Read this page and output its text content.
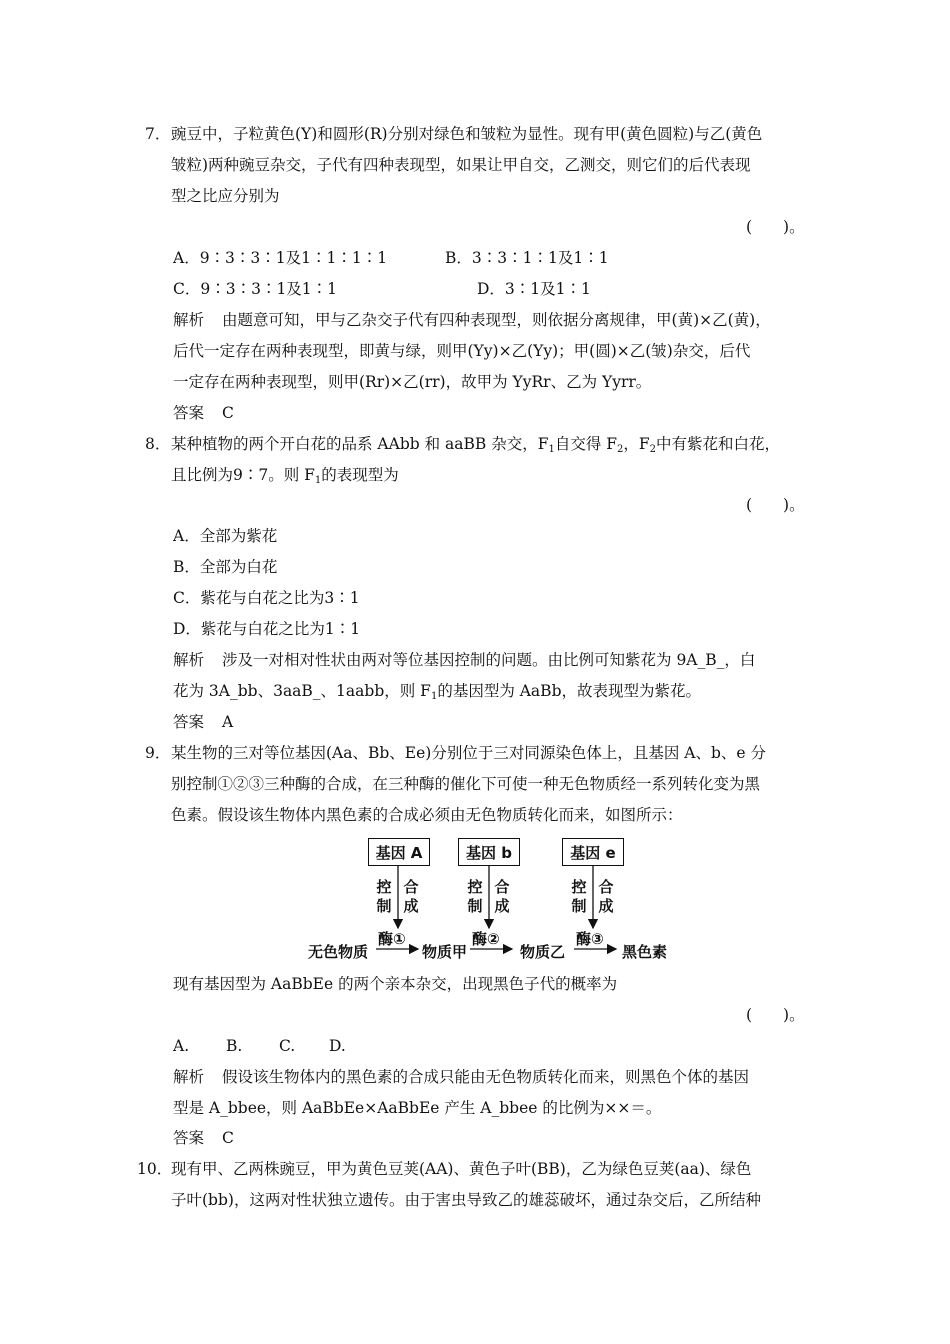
7． 豌豆中，子粒黄色(Y)和圆形(R)分别对绿色和皱粒为显性。现有甲(黄色圆粒)与乙(黄色
皱粒)两种豌豆杂交，子代有四种表现型，如果让甲自交，乙测交，则它们的后代表现
型之比应分别为
(　　)。
A．9∶3∶3∶1及1∶1∶1∶1	B．3∶3∶1∶1及1∶1
C．9∶3∶3∶1及1∶1	D．3∶1及1∶1
解析 由题意可知，甲与乙杂交子代有四种表现型，则依据分离规律，甲(黄)×乙(黄)，
后代一定存在两种表现型，即黄与绿，则甲(Yy)×乙(Yy)；甲(圆)×乙(皱)杂交，后代
一定存在两种表现型，则甲(Rr)×乙(rr)，故甲为 YyRr、乙为 Yyrr。
答案 C
8． 某种植物的两个开白花的品系 AAbb 和 aaBB 杂交，$F_1$自交得 $F_2$，$F_2$中有紫花和白花，
且比例为9∶7。则 $F_1$的表现型为
(　　)。
A．全部为紫花
B．全部为白花
C．紫花与白花之比为3∶1
D．紫花与白花之比为1∶1
解析 涉及一对相对性状由两对等位基因控制的问题。由比例可知紫花为 9A_B_，白
花为 3A_bb、3aaB_、1aabb，则 $F_1$的基因型为 AaBb，故表现型为紫花。
答案 A
9． 某生物的三对等位基因(Aa、Bb、Ee)分别位于三对同源染色体上，且基因 A、b、e 分
别控制①②③三种酶的合成，在三种酶的催化下可使一种无色物质经一系列转化变为黑
色素。假设该生物体内黑色素的合成必须由无色物质转化而来，如图所示：
基因 A	基因 b	基因 e
控制
合成
控制
合成
控制
合成
酶①	酶②	酶③
无色物质	物质甲	物质乙	黑色素
现有基因型为 AaBbEe 的两个亲本杂交，出现黑色子代的概率为
(　　)。
A. B. C. D.
解析 假设该生物体内的黑色素的合成只能由无色物质转化而来，则黑色个体的基因
型是 A_bbee，则 AaBbEe×AaBbEe 产生 A_bbee 的比例为××＝。
答案 C
10．
现有甲、乙两株豌豆，甲为黄色豆荚(AA)、黄色子叶(BB)，乙为绿色豆荚(aa)、绿色
子叶(bb)，这两对性状独立遗传。由于害虫导致乙的雄蕊破坏，通过杂交后，乙所结种
